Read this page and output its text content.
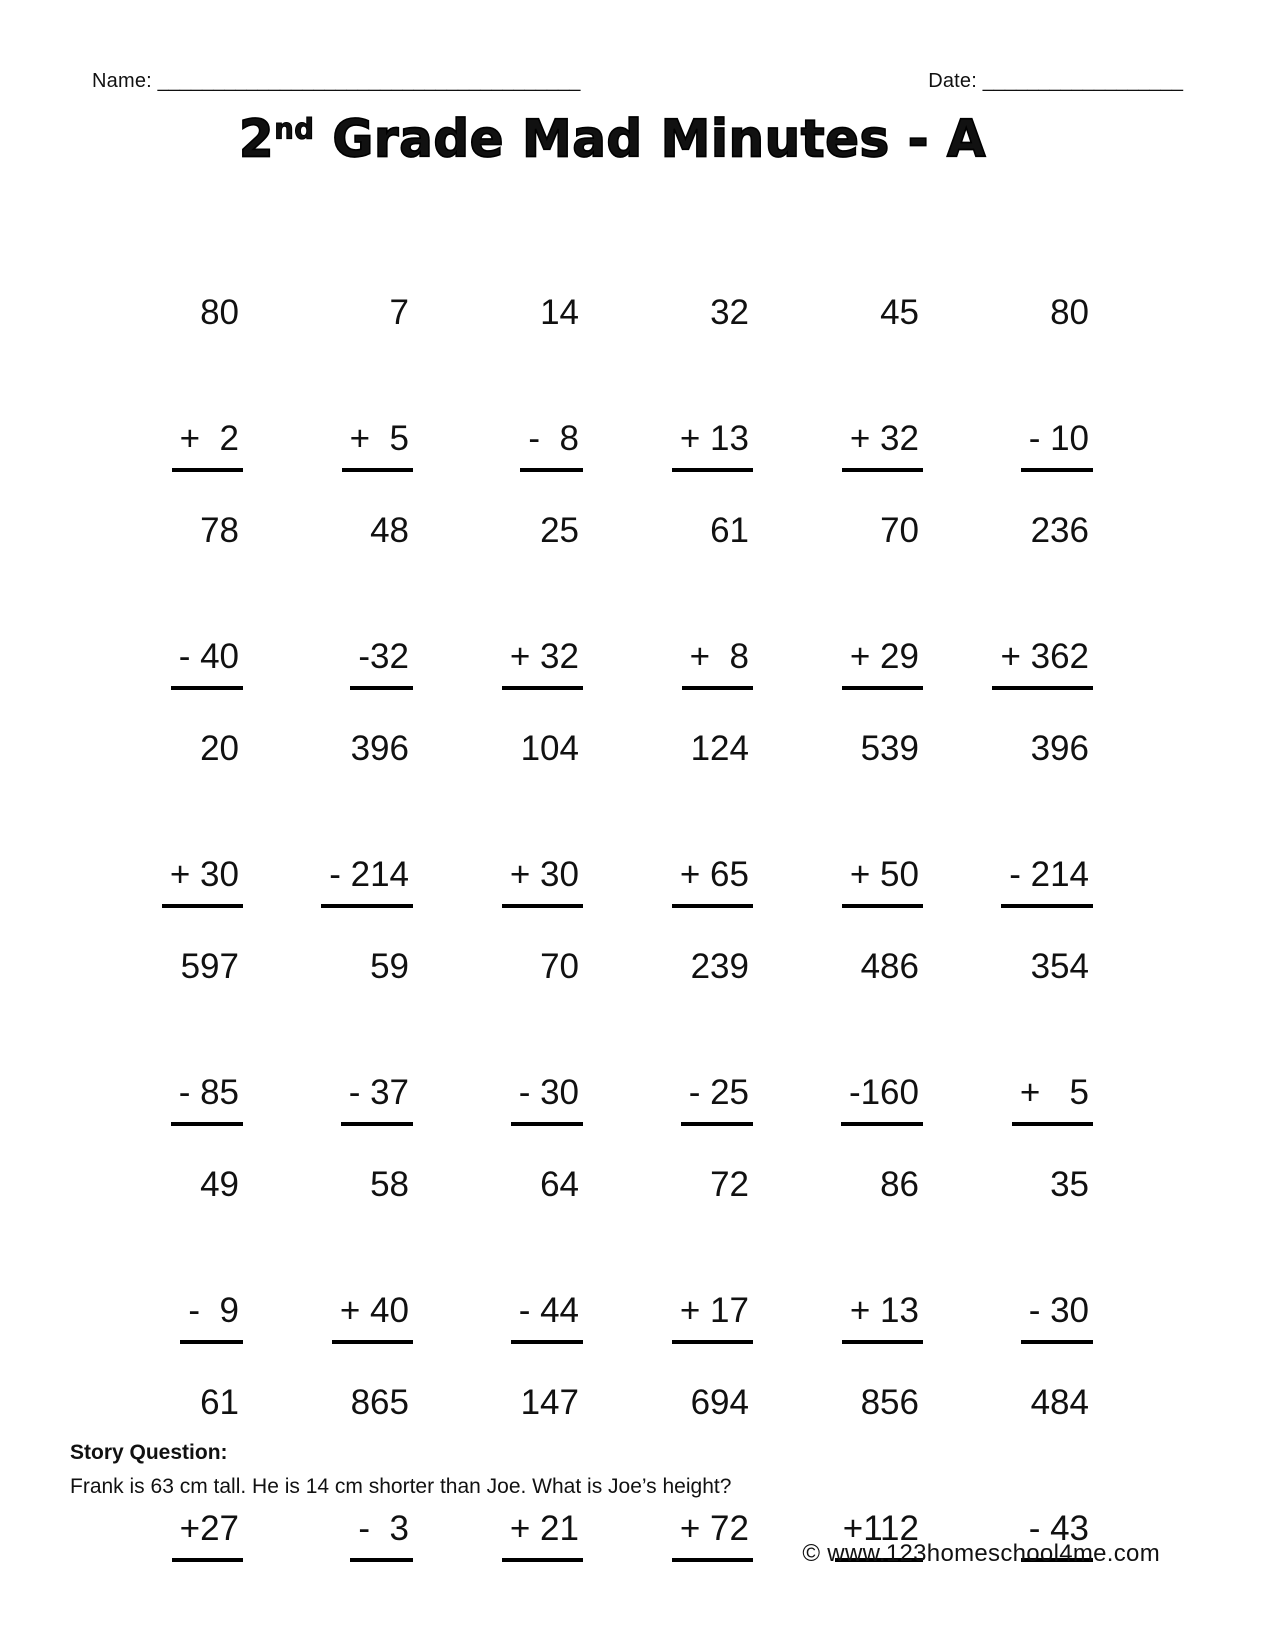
Name: ______________________________________	Date: __________________
2nd Grade Mad Minutes - A

80

+  2

7

+  5

14

-  8

32

+ 13

45

+ 32

80

- 10

78

- 40

48

-32

25

+ 32

61

+  8

70

+ 29

236

+ 362

20

+ 30

396

- 214

104

+ 30

124

+ 65

539

+ 50

396

- 214

597

- 85

59

- 37

70

- 30

239

- 25

486

-160

354

+   5

49

-  9

58

+ 40

64

- 44

72

+ 17

86

+ 13

35

- 30

61

+27

865

-  3

147

+ 21

694

+ 72

856

+112

484

- 43

Story Question:
Frank is 63 cm tall. He is 14 cm shorter than Joe. What is Joe’s height?
© www.123homeschool4me.com
